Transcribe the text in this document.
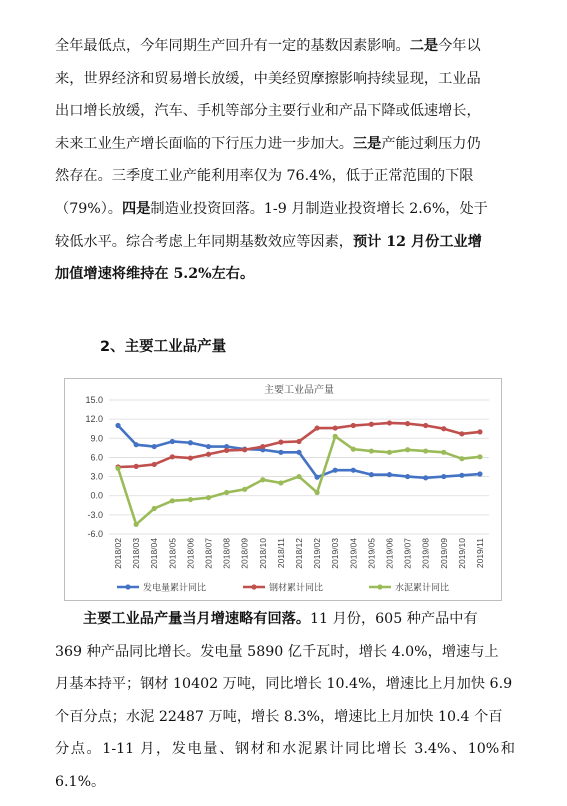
全年最低点，今年同期生产回升有一定的基数因素影响。二是今年以
来，世界经济和贸易增长放缓，中美经贸摩擦影响持续显现，工业品
出口增长放缓，汽车、手机等部分主要行业和产品下降或低速增长，
未来工业生产增长面临的下行压力进一步加大。三是产能过剩压力仍
然存在。三季度工业产能利用率仅为 76.4%，低于正常范围的下限
（79%）。四是制造业投资回落。1-9 月制造业投资增长 2.6%，处于
较低水平。综合考虑上年同期基数效应等因素，预计 12 月份工业增
加值增速将维持在 5.2%左右。
2、主要工业品产量
主要工业品产量
15.0
12.0
9.0
6.0
3.0
0.0
-3.0
-6.0
2018/02 2018/03 2018/04 2018/05 2018/06 2018/07 2018/08 2018/09 2018/10 2018/11 2018/12 2019/02 2019/03 2019/04 2019/05 2019/06 2019/07 2019/08 2019/09 2019/10 2019/11
发电量累计同比	钢材累计同比	水泥累计同比
主要工业品产量当月增速略有回落。11 月份，605 种产品中有
369 种产品同比增长。发电量 5890 亿千瓦时，增长 4.0%，增速与上
月基本持平；钢材 10402 万吨，同比增长 10.4%，增速比上月加快 6.9
个百分点；水泥 22487 万吨，增长 8.3%，增速比上月加快 10.4 个百
分点。1-11 月，发电量、钢材和水泥累计同比增长 3.4%、10%和 6.1%。
